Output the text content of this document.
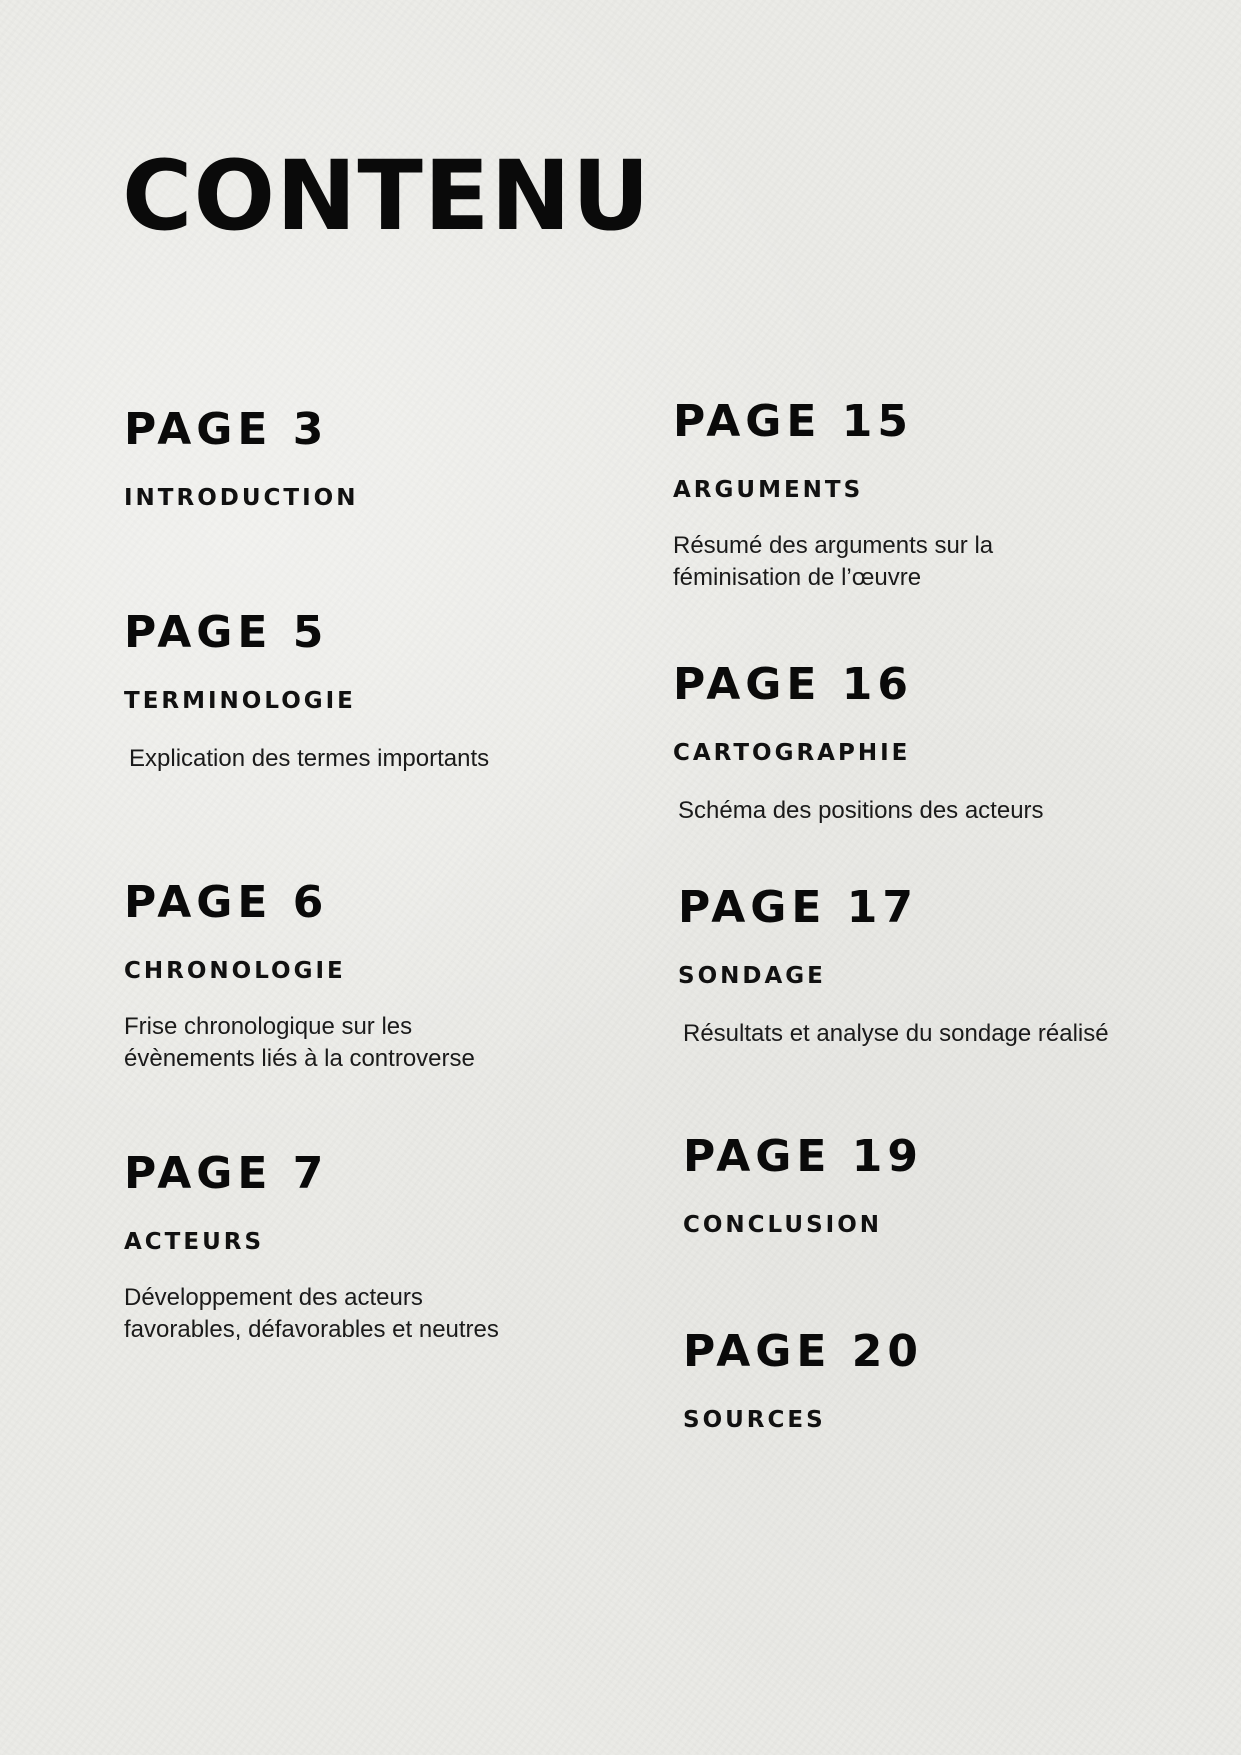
CONTENU
PAGE 3
INTRODUCTION
PAGE 5
TERMINOLOGIE
Explication des termes importants
PAGE 6
CHRONOLOGIE
Frise chronologique sur les
évènements liés à la controverse
PAGE 7
ACTEURS
Développement des acteurs
favorables, défavorables et neutres
PAGE 15
ARGUMENTS
Résumé des arguments sur la
féminisation de l’œuvre
PAGE 16
CARTOGRAPHIE
Schéma des positions des acteurs
PAGE 17
SONDAGE
Résultats et analyse du sondage réalisé
PAGE 19
CONCLUSION
PAGE 20
SOURCES
